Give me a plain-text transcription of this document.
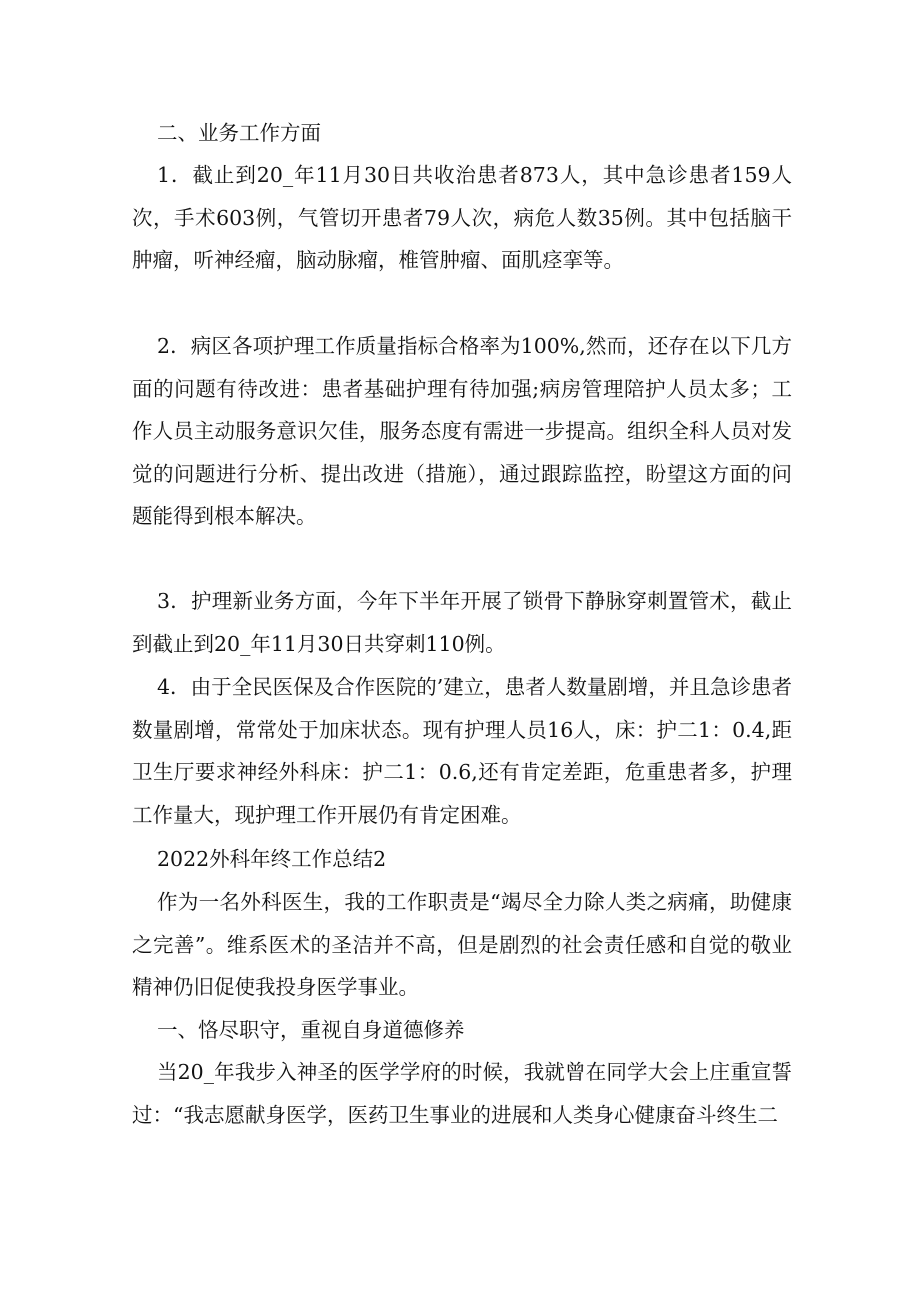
二、业务工作方面

1．截止到20_年11月30日共收治患者873人，其中急诊患者159人次，手术603例，气管切开患者79人次，病危人数35例。其中包括脑干肿瘤，听神经瘤，脑动脉瘤，椎管肿瘤、面肌痉挛等。

2．病区各项护理工作质量指标合格率为100%,然而，还存在以下几方面的问题有待改进：患者基础护理有待加强;病房管理陪护人员太多；工作人员主动服务意识欠佳，服务态度有需进一步提高。组织全科人员对发觉的问题进行分析、提出改进（措施），通过跟踪监控，盼望这方面的问题能得到根本解决。

3．护理新业务方面，今年下半年开展了锁骨下静脉穿刺置管术，截止到截止到20_年11月30日共穿刺110例。

4．由于全民医保及合作医院的’建立，患者人数量剧增，并且急诊患者数量剧增，常常处于加床状态。现有护理人员16人，床：护二1：0.4,距卫生厅要求神经外科床：护二1：0.6,还有肯定差距，危重患者多，护理工作量大，现护理工作开展仍有肯定困难。

2022外科年终工作总结2

作为一名外科医生，我的工作职责是“竭尽全力除人类之病痛，助健康之完善”。维系医术的圣洁并不高，但是剧烈的社会责任感和自觉的敬业精神仍旧促使我投身医学事业。

一、恪尽职守，重视自身道德修养

当20_年我步入神圣的医学学府的时候，我就曾在同学大会上庄重宣誓过：“我志愿献身医学，医药卫生事业的进展和人类身心健康奋斗终生二
